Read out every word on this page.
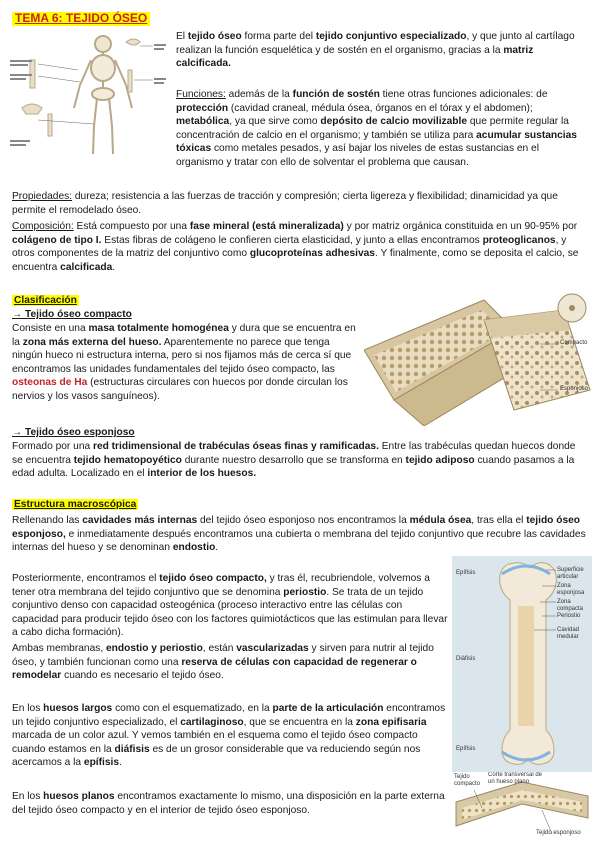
TEMA 6: TEJIDO ÓSEO

El tejido óseo forma parte del tejido conjuntivo especializado, y que junto al cartílago realizan la función esquelética y de sostén en el organismo, gracias a la matriz calcificada.

Funciones: además de la función de sostén tiene otras funciones adicionales: de protección (cavidad craneal, médula ósea, órganos en el tórax y el abdomen); metabólica, ya que sirve como depósito de calcio movilizable que permite regular la concentración de calcio en el organismo; y también se utiliza para acumular sustancias tóxicas como metales pesados, y así bajar los niveles de estas sustancias en el organismo y tratar con ello de solventar el problema que causan.

Propiedades: dureza; resistencia a las fuerzas de tracción y compresión; cierta ligereza y flexibilidad; dinamicidad ya que permite el remodelado óseo.

Composición: Está compuesto por una fase mineral (está mineralizada) y por matriz orgánica constituida en un 90-95% por colágeno de tipo I. Estas fibras de colágeno le confieren cierta elasticidad, y junto a ellas encontramos proteoglicanos, y otros componentes de la matriz del conjuntivo como glucoproteínas adhesivas. Y finalmente, como se deposita el calcio, se encuentra calcificada.

Clasificación
→ Tejido óseo compacto

Consiste en una masa totalmente homogénea y dura que se encuentra en la zona más externa del hueso. Aparentemente no parece que tenga ningún hueco ni estructura interna, pero si nos fijamos más de cerca sí que encontramos las unidades fundamentales del tejido óseo compacto, las osteonas de Ha (estructuras circulares con huecos por donde circulan los nervios y los vasos sanguíneos).

Compacto
Esponjoso
→ Tejido óseo esponjoso

Formado por una red tridimensional de trabéculas óseas finas y ramificadas. Entre las trabéculas quedan huecos donde se encuentra tejido hematopoyético durante nuestro desarrollo que se transforma en tejido adiposo cuando pasamos a la edad adulta. Localizado en el interior de los huesos.

Estructura macroscópica

Rellenando las cavidades más internas del tejido óseo esponjoso nos encontramos la médula ósea, tras ella el tejido óseo esponjoso, e inmediatamente después encontramos una cubierta o membrana del tejido conjuntivo que recubre las cavidades internas del hueso y se denominan endostio.

Posteriormente, encontramos el tejido óseo compacto, y tras él, recubriendole, volvemos a tener otra membrana del tejido conjuntivo que se denomina periostio. Se trata de un tejido conjuntivo denso con capacidad osteogénica (proceso interactivo entre las células con capacidad para producir tejido óseo con los factores quimiotácticos que las estimulan para llevar a cabo dicha formación).

Ambas membranas, endostio y periostio, están vascularizadas y sirven para nutrir al tejido óseo, y también funcionan como una reserva de células con capacidad de regenerar o remodelar cuando es necesario el tejido óseo.

En los huesos largos como con el esquematizado, en la parte de la articulación encontramos un tejido conjuntivo especializado, el cartilaginoso, que se encuentra en la zona epifisaria marcada de un color azul. Y vemos también en el esquema como el tejido óseo compacto cuando estamos en la diáfisis es de un grosor considerable que va reduciendo según nos acercamos a la epífisis.

En los huesos planos encontramos exactamente lo mismo, una disposición en la parte externa del tejido óseo compacto y en el interior de tejido óseo esponjoso.

Epífisis
Diáfisis
Epífisis
Superficie articular
Zona esponjosa
Zona compacta
Periostio
Cavidad medular
Corte transversal de un hueso plano
Tejido compacto
Tejido esponjoso
